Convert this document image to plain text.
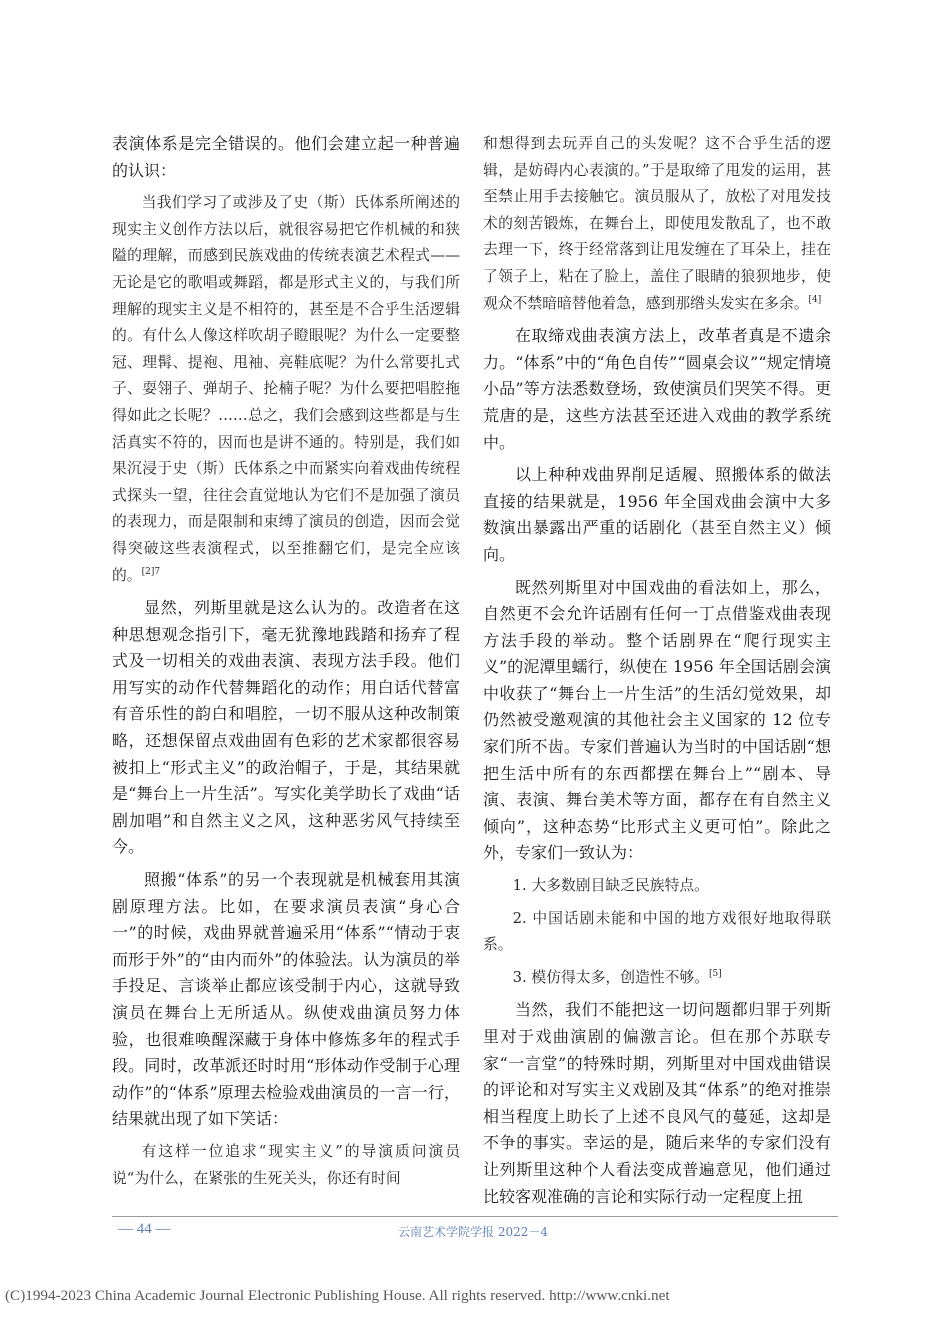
表演体系是完全错误的。他们会建立起一种普遍的认识：

当我们学习了或涉及了史（斯）氏体系所阐述的现实主义创作方法以后，就很容易把它作机械的和狭隘的理解，而感到民族戏曲的传统表演艺术程式——无论是它的歌唱或舞蹈，都是形式主义的，与我们所理解的现实主义是不相符的，甚至是不合乎生活逻辑的。有什么人像这样吹胡子瞪眼呢？为什么一定要整冠、理髯、提袍、甩袖、亮鞋底呢？为什么常要扎式子、耍翎子、弹胡子、抡楠子呢？为什么要把唱腔拖得如此之长呢？……总之，我们会感到这些都是与生活真实不符的，因而也是讲不通的。特别是，我们如果沉浸于史（斯）氏体系之中而紧实向着戏曲传统程式探头一望，往往会直觉地认为它们不是加强了演员的表现力，而是限制和束缚了演员的创造，因而会觉得突破这些表演程式，以至推翻它们，是完全应该的。$^{[2]7}$

显然，列斯里就是这么认为的。改造者在这种思想观念指引下，毫无犹豫地践踏和扬弃了程式及一切相关的戏曲表演、表现方法手段。他们用写实的动作代替舞蹈化的动作；用白话代替富有音乐性的韵白和唱腔，一切不服从这种改制策略，还想保留点戏曲固有色彩的艺术家都很容易被扣上“形式主义”的政治帽子，于是，其结果就是“舞台上一片生活”。写实化美学助长了戏曲“话剧加唱”和自然主义之风，这种恶劣风气持续至今。

照搬“体系”的另一个表现就是机械套用其演剧原理方法。比如，在要求演员表演“身心合一”的时候，戏曲界就普遍采用“体系”“情动于衷而形于外”的“由内而外”的体验法。认为演员的举手投足、言谈举止都应该受制于内心，这就导致演员在舞台上无所适从。纵使戏曲演员努力体验，也很难唤醒深藏于身体中修炼多年的程式手段。同时，改革派还时时用“形体动作受制于心理动作”的“体系”原理去检验戏曲演员的一言一行，结果就出现了如下笑话：

有这样一位追求“现实主义”的导演质问演员说“为什么，在紧张的生死关头，你还有时间

和想得到去玩弄自己的头发呢？这不合乎生活的逻辑，是妨碍内心表演的。”于是取缔了甩发的运用，甚至禁止用手去接触它。演员服从了，放松了对甩发技术的刻苦锻炼，在舞台上，即使甩发散乱了，也不敢去理一下，终于经常落到让甩发缠在了耳朵上，挂在了领子上，粘在了脸上，盖住了眼睛的狼狈地步，使观众不禁暗暗替他着急，感到那绺头发实在多余。[4]

在取缔戏曲表演方法上，改革者真是不遗余力。“体系”中的“角色自传”“圆桌会议”“规定情境小品”等方法悉数登场，致使演员们哭笑不得。更荒唐的是，这些方法甚至还进入戏曲的教学系统中。

以上种种戏曲界削足适履、照搬体系的做法直接的结果就是，1956 年全国戏曲会演中大多数演出暴露出严重的话剧化（甚至自然主义）倾向。

既然列斯里对中国戏曲的看法如上，那么，自然更不会允许话剧有任何一丁点借鉴戏曲表现方法手段的举动。整个话剧界在“爬行现实主义”的泥潭里蠕行，纵使在 1956 年全国话剧会演中收获了“舞台上一片生活”的生活幻觉效果，却仍然被受邀观演的其他社会主义国家的 12 位专家们所不齿。专家们普遍认为当时的中国话剧“想把生活中所有的东西都摆在舞台上”“剧本、导演、表演、舞台美术等方面，都存在有自然主义倾向”，这种态势“比形式主义更可怕”。除此之外，专家们一致认为：

1. 大多数剧目缺乏民族特点。

2. 中国话剧未能和中国的地方戏很好地取得联系。

3. 模仿得太多，创造性不够。[5]

当然，我们不能把这一切问题都归罪于列斯里对于戏曲演剧的偏激言论。但在那个苏联专家“一言堂”的特殊时期，列斯里对中国戏曲错误的评论和对写实主义戏剧及其“体系”的绝对推崇相当程度上助长了上述不良风气的蔓延，这却是不争的事实。幸运的是，随后来华的专家们没有让列斯里这种个人看法变成普遍意见，他们通过比较客观准确的言论和实际行动一定程度上扭

— 44 —	云南艺术学院学报 2022－4
(C)1994-2023 China Academic Journal Electronic Publishing House. All rights reserved. http://www.cnki.net
